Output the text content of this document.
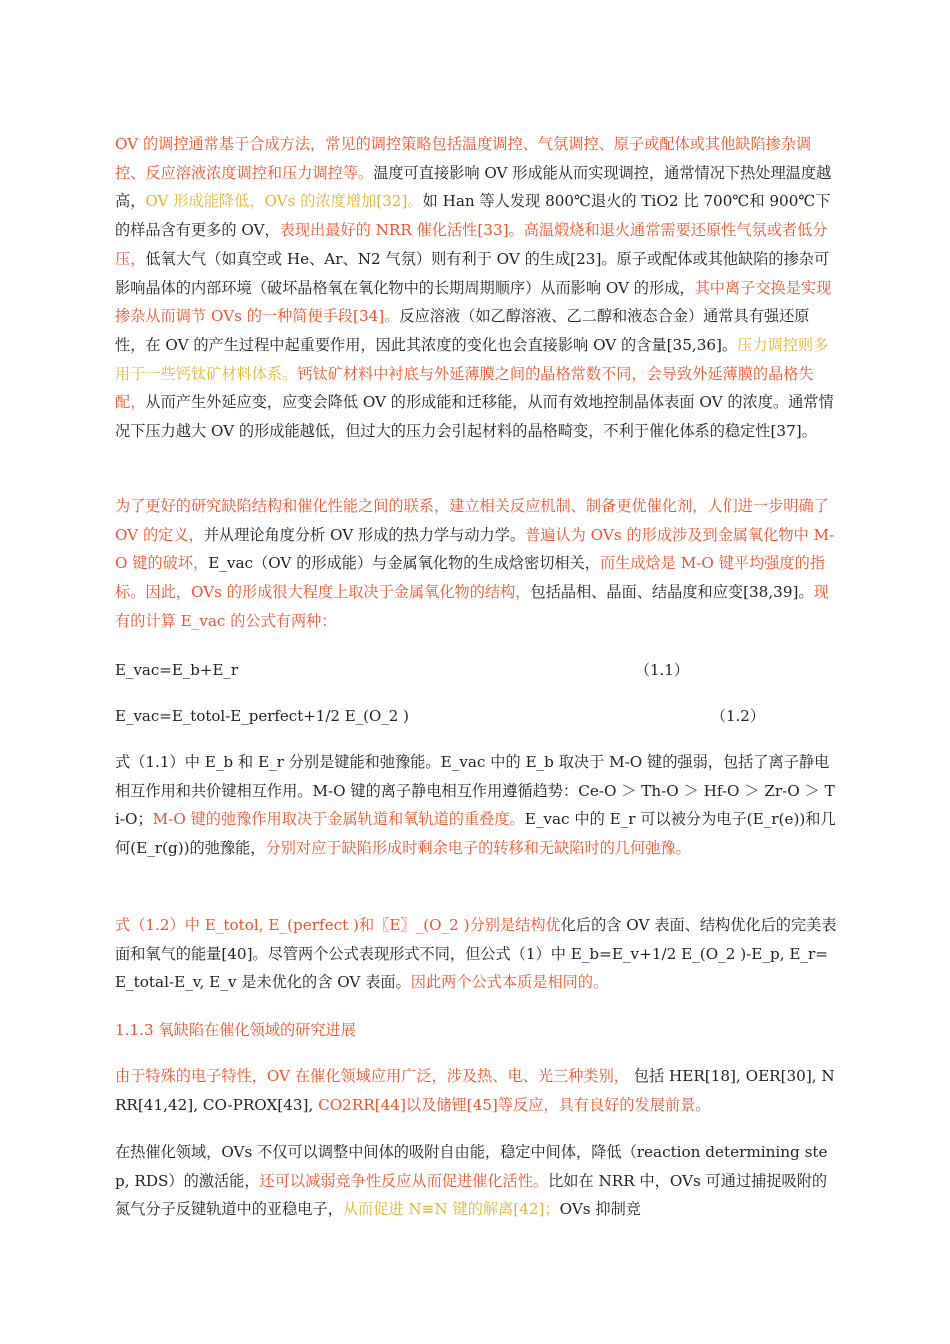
OV 的调控通常基于合成方法，常见的调控策略包括温度调控、气氛调控、原子或配体或其他缺陷掺杂调控、反应溶液浓度调控和压力调控等。温度可直接影响 OV 形成能从而实现调控，通常情况下热处理温度越高，OV 形成能降低，OVs 的浓度增加[32]。如 Han 等人发现 800℃退火的 TiO2 比 700℃和 900℃下的样品含有更多的 OV，表现出最好的 NRR 催化活性[33]。高温煅烧和退火通常需要还原性气氛或者低分压，低氧大气（如真空或 He、Ar、N2 气氛）则有利于 OV 的生成[23]。原子或配体或其他缺陷的掺杂可影响晶体的内部环境（破坏晶格氧在氧化物中的长期周期顺序）从而影响 OV 的形成，其中离子交换是实现掺杂从而调节 OVs 的一种简便手段[34]。反应溶液（如乙醇溶液、乙二醇和液态合金）通常具有强还原性，在 OV 的产生过程中起重要作用，因此其浓度的变化也会直接影响 OV 的含量[35,36]。压力调控则多用于一些钙钛矿材料体系。钙钛矿材料中衬底与外延薄膜之间的晶格常数不同，会导致外延薄膜的晶格失配，从而产生外延应变，应变会降低 OV 的形成能和迁移能，从而有效地控制晶体表面 OV 的浓度。通常情况下压力越大 OV 的形成能越低，但过大的压力会引起材料的晶格畸变，不利于催化体系的稳定性[37]。

为了更好的研究缺陷结构和催化性能之间的联系，建立相关反应机制、制备更优催化剂，人们进一步明确了 OV 的定义，并从理论角度分析 OV 形成的热力学与动力学。普遍认为 OVs 的形成涉及到金属氧化物中 M-O 键的破坏，E_vac（OV 的形成能）与金属氧化物的生成焓密切相关，而生成焓是 M-O 键平均强度的指标。因此，OVs 的形成很大程度上取决于金属氧化物的结构，包括晶相、晶面、结晶度和应变[38,39]。现有的计算 E_vac 的公式有两种：

E_vac=E_b+E_r	（1.1）
E_vac=E_totol-E_perfect+1/2 E_(O_2 )	（1.2）

式（1.1）中 E_b 和 E_r 分别是键能和弛豫能。E_vac 中的 E_b 取决于 M-O 键的强弱，包括了离子静电相互作用和共价键相互作用。M-O 键的离子静电相互作用遵循趋势：Ce-O ＞ Th-O ＞ Hf-O ＞ Zr-O ＞ Ti-O；M-O 键的弛豫作用取决于金属轨道和氧轨道的重叠度。E_vac 中的 E_r 可以被分为电子(E_r(e))和几何(E_r(g))的弛豫能，分别对应于缺陷形成时剩余电子的转移和无缺陷时的几何弛豫。

式（1.2）中 E_totol, E_(perfect )和〖E〗_(O_2 )分别是结构优化后的含 OV 表面、结构优化后的完美表面和氧气的能量[40]。尽管两个公式表现形式不同，但公式（1）中 E_b=E_v+1/2 E_(O_2 )-E_p, E_r=E_total-E_v, E_v 是未优化的含 OV 表面。因此两个公式本质是相同的。

1.1.3 氧缺陷在催化领域的研究进展

由于特殊的电子特性，OV 在催化领域应用广泛，涉及热、电、光三种类别， 包括 HER[18], OER[30], NRR[41,42], CO-PROX[43], CO2RR[44]以及储锂[45]等反应，具有良好的发展前景。

在热催化领域，OVs 不仅可以调整中间体的吸附自由能，稳定中间体，降低（reaction determining step, RDS）的激活能，还可以减弱竞争性反应从而促进催化活性。比如在 NRR 中，OVs 可通过捕捉吸附的氮气分子反键轨道中的亚稳电子，从而促进 N≡N 键的解离[42]；OVs 抑制竞
